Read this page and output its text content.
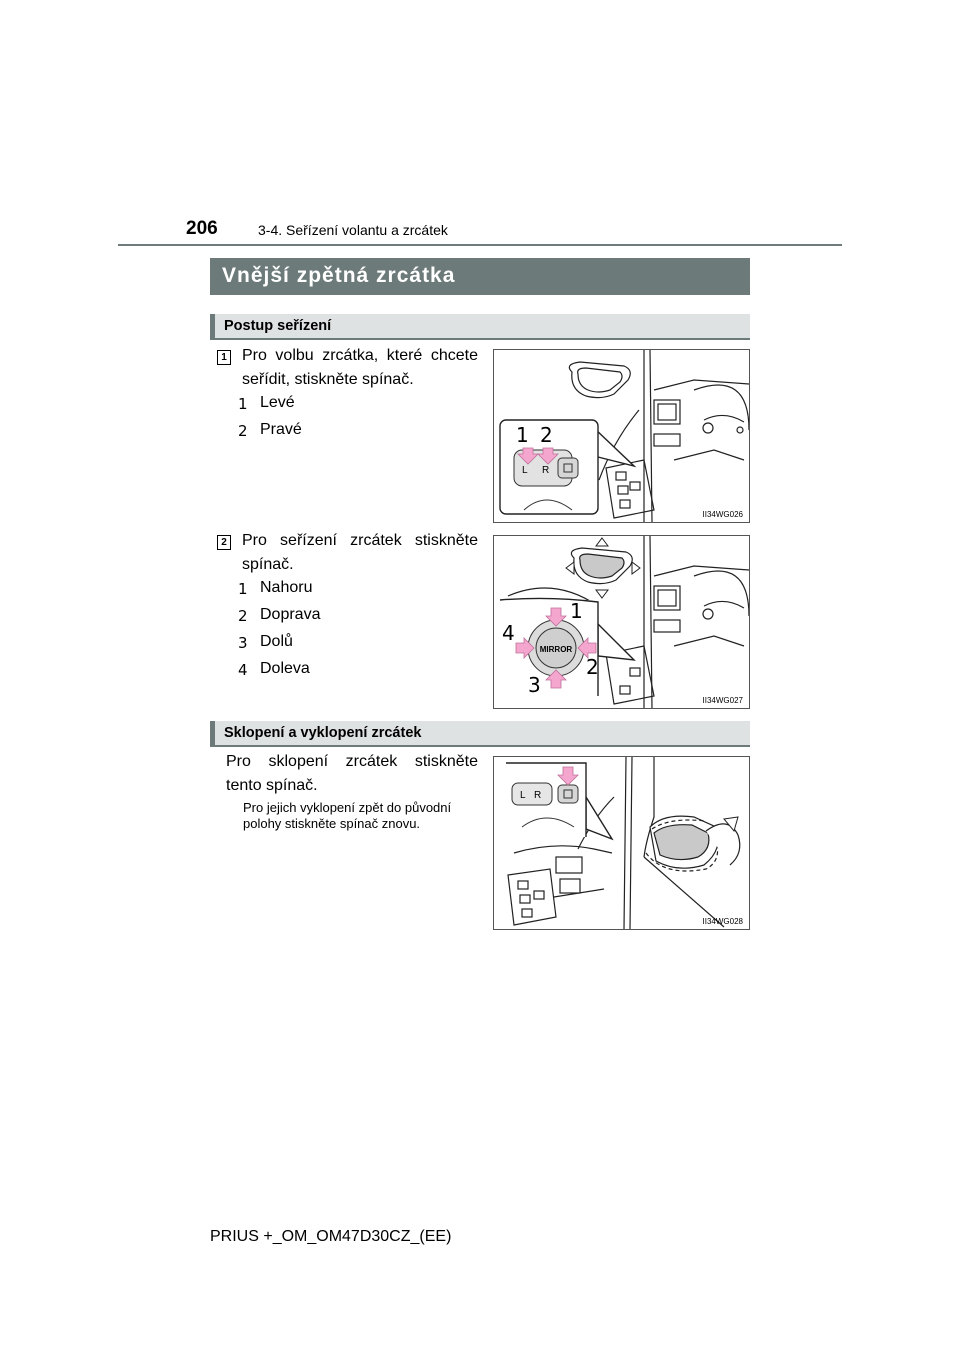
206	3-4. Seřízení volantu a zrcátek
Vnější zpětná zrcátka
Postup seřízení
1 Pro volbu zrcátka, které chcete seřídit, stiskněte spínač.
1 Levé
2 Pravé
L R
1 2
II34WG026
2 Pro seřízení zrcátek stiskněte spínač.
1 Nahoru
2 Doprava
3 Dolů
4 Doleva
MIRROR
1
2
3
4
II34WG027
Sklopení a vyklopení zrcátek
Pro sklopení zrcátek stiskněte tento spínač.
Pro jejich vyklopení zpět do původní polohy stiskněte spínač znovu.
L R
II34WG028
PRIUS +_OM_OM47D30CZ_(EE)
